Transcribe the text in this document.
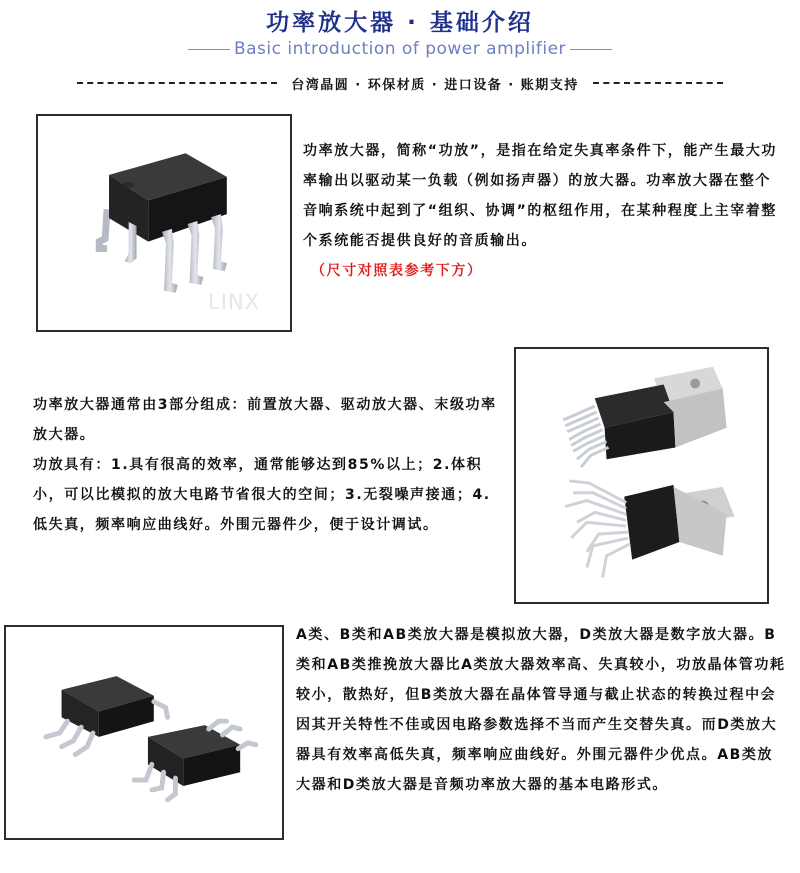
功率放大器 · 基础介绍
Basic introduction of power amplifier
台湾晶圆 · 环保材质 · 进口设备 · 账期支持
LINX

功率放大器，简称“功放”，是指在给定失真率条件下，能产生最大功率输出以驱动某一负载（例如扬声器）的放大器。功率放大器在整个音响系统中起到了“组织、协调”的枢纽作用，在某种程度上主宰着整个系统能否提供良好的音质输出。

（尺寸对照表参考下方）

功率放大器通常由3部分组成：前置放大器、驱动放大器、末级功率放大器。

功放具有：1.具有很高的效率，通常能够达到85%以上；2.体积小，可以比模拟的放大电路节省很大的空间；3.无裂噪声接通；4.低失真，频率响应曲线好。外围元器件少，便于设计调试。

A类、B类和AB类放大器是模拟放大器，D类放大器是数字放大器。B类和AB类推挽放大器比A类放大器效率高、失真较小，功放晶体管功耗较小，散热好，但B类放大器在晶体管导通与截止状态的转换过程中会因其开关特性不佳或因电路参数选择不当而产生交替失真。而D类放大器具有效率高低失真，频率响应曲线好。外围元器件少优点。AB类放大器和D类放大器是音频功率放大器的基本电路形式。
